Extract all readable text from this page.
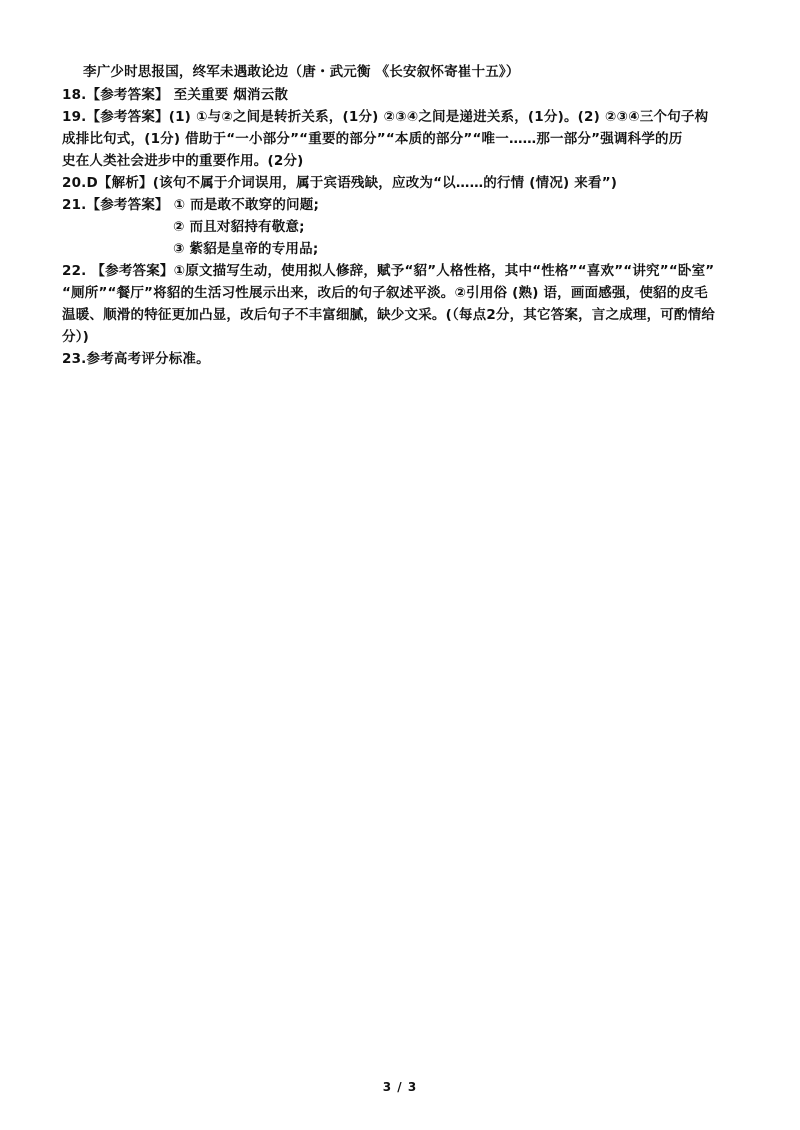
李广少时思报国，终军未遇敢论边（唐・武元衡 《长安叙怀寄崔十五》）
18.【参考答案】 至关重要 烟消云散
19.【参考答案】(1) ①与②之间是转折关系，(1分) ②③④之间是递进关系，(1分)。(2) ②③④三个句子构
成排比句式，(1分) 借助于“一小部分”“重要的部分”“本质的部分”“唯一……那一部分”强调科学的历
史在人类社会进步中的重要作用。(2分)
20.D【解析】(该句不属于介词误用，属于宾语残缺，应改为“以……的行情 (情况) 来看”)
21.【参考答案】 ① 而是敢不敢穿的问题;
② 而且对貂持有敬意;
③ 紫貂是皇帝的专用品;
22. 【参考答案】①原文描写生动，使用拟人修辞，赋予“貂”人格性格，其中“性格”“喜欢”“讲究”“卧室”
“厕所”“餐厅”将貂的生活习性展示出来，改后的句子叙述平淡。②引用俗 (熟) 语，画面感强，使貂的皮毛
温暖、顺滑的特征更加凸显，改后句子不丰富细腻，缺少文采。(（每点2分，其它答案，言之成理，可酌情给
分）)
23.参考高考评分标准。
3 / 3
